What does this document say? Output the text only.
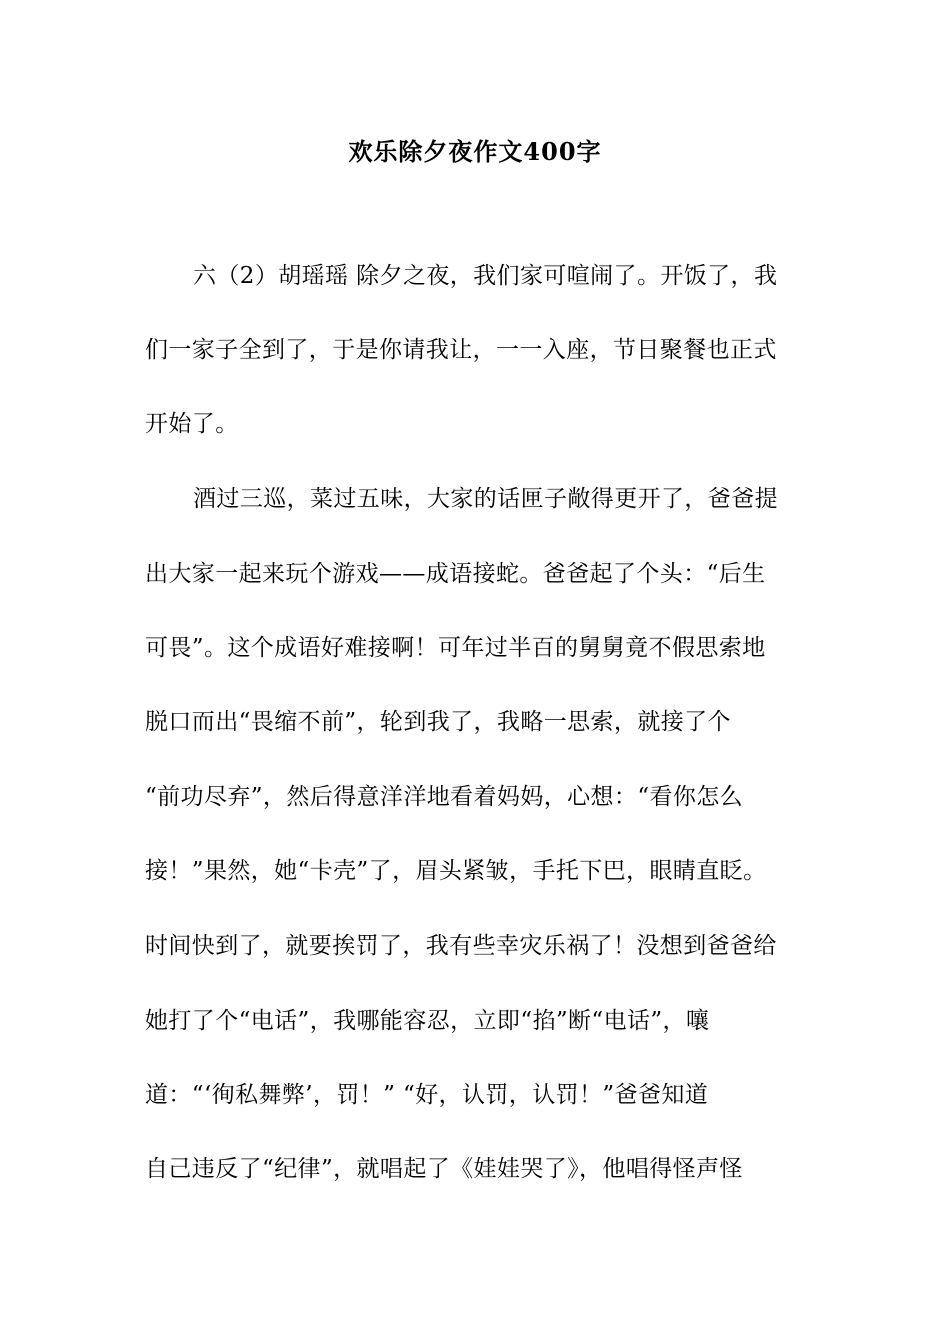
欢乐除夕夜作文400字
六（2）胡瑶瑶 除夕之夜，我们家可喧闹了。开饭了，我
们一家子全到了，于是你请我让，一一入座，节日聚餐也正式
开始了。
酒过三巡，菜过五味，大家的话匣子敞得更开了，爸爸提
出大家一起来玩个游戏——成语接蛇。爸爸起了个头：“后生
可畏”。这个成语好难接啊！可年过半百的舅舅竟不假思索地
脱口而出“畏缩不前”，轮到我了，我略一思索，就接了个
“前功尽弃”，然后得意洋洋地看着妈妈，心想：“看你怎么
接！”果然，她“卡壳”了，眉头紧皱，手托下巴，眼睛直眨。
时间快到了，就要挨罚了，我有些幸灾乐祸了！没想到爸爸给
她打了个“电话”，我哪能容忍，立即“掐”断“电话”，嚷
道：“‘徇私舞弊’，罚！” “好，认罚，认罚！”爸爸知道
自己违反了“纪律”，就唱起了《娃娃哭了》，他唱得怪声怪
